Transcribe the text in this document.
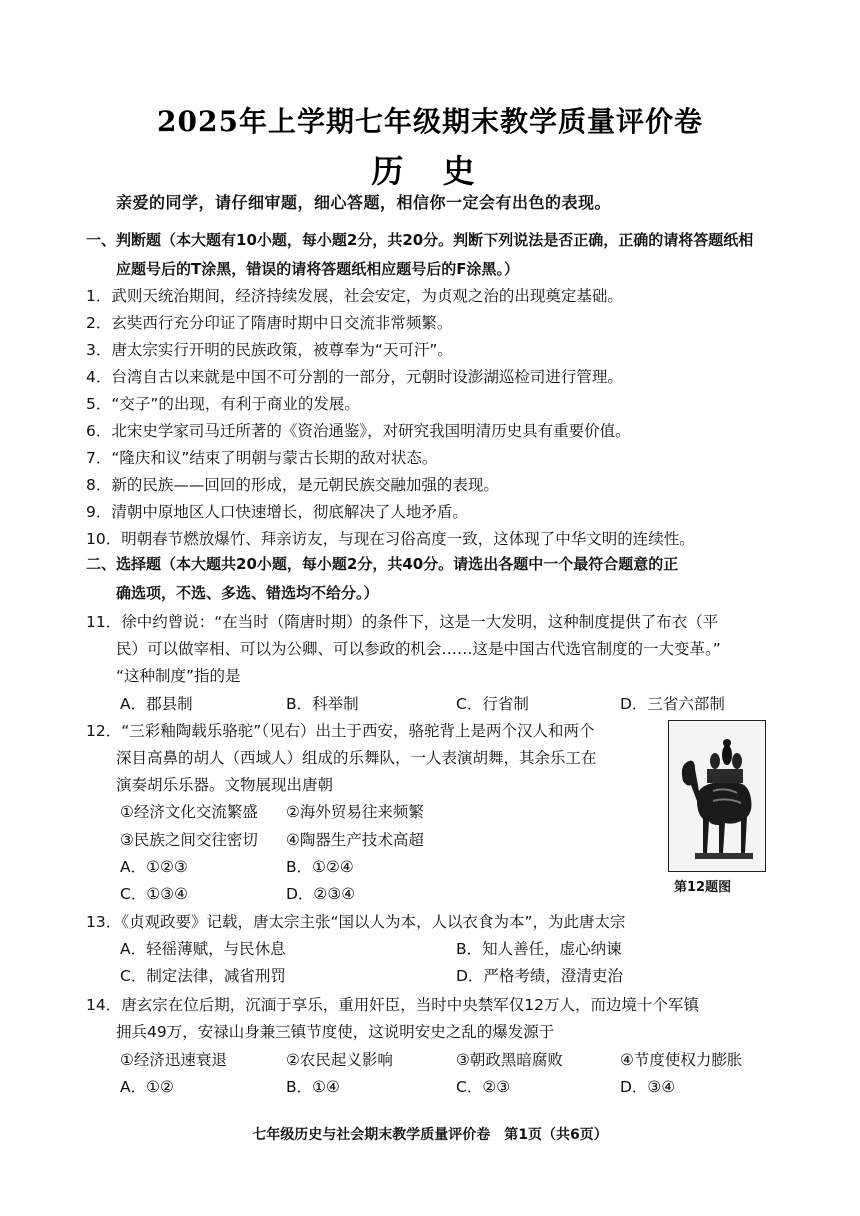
2025年上学期七年级期末教学质量评价卷
历 史
亲爱的同学，请仔细审题，细心答题，相信你一定会有出色的表现。
一、判断题（本大题有10小题，每小题2分，共20分。判断下列说法是否正确，正确的请将答题纸相
应题号后的T涂黑，错误的请将答题纸相应题号后的F涂黑。）
1．武则天统治期间，经济持续发展，社会安定，为贞观之治的出现奠定基础。
2．玄奘西行充分印证了隋唐时期中日交流非常频繁。
3．唐太宗实行开明的民族政策，被尊奉为“天可汗”。
4．台湾自古以来就是中国不可分割的一部分，元朝时设澎湖巡检司进行管理。
5．“交子”的出现，有利于商业的发展。
6．北宋史学家司马迁所著的《资治通鉴》，对研究我国明清历史具有重要价值。
7．“隆庆和议”结束了明朝与蒙古长期的敌对状态。
8．新的民族——回回的形成，是元朝民族交融加强的表现。
9．清朝中原地区人口快速增长，彻底解决了人地矛盾。
10．明朝春节燃放爆竹、拜亲访友，与现在习俗高度一致，这体现了中华文明的连续性。
二、选择题（本大题共20小题，每小题2分，共40分。请选出各题中一个最符合题意的正
确选项，不选、多选、错选均不给分。）
11．徐中约曾说：“在当时（隋唐时期）的条件下，这是一大发明，这种制度提供了布衣（平
民）可以做宰相、可以为公卿、可以参政的机会……这是中国古代选官制度的一大变革。”
“这种制度”指的是
A．郡县制	B．科举制	C．行省制	D．三省六部制
12．“三彩釉陶载乐骆驼”（见右）出土于西安，骆驼背上是两个汉人和两个
深目高鼻的胡人（西域人）组成的乐舞队，一人表演胡舞，其余乐工在
演奏胡乐乐器。文物展现出唐朝
①经济文化交流繁盛 ②海外贸易往来频繁
③民族之间交往密切 ④陶器生产技术高超
A．①②③	B．①②④
C．①③④	D．②③④	第12题图
13．《贞观政要》记载，唐太宗主张“国以人为本，人以衣食为本”，为此唐太宗
A．轻徭薄赋，与民休息	B．知人善任，虚心纳谏
C．制定法律，减省刑罚	D．严格考绩，澄清吏治
14．唐玄宗在位后期，沉湎于享乐，重用奸臣，当时中央禁军仅12万人，而边境十个军镇
拥兵49万，安禄山身兼三镇节度使，这说明安史之乱的爆发源于
①经济迅速衰退	②农民起义影响	③朝政黑暗腐败	④节度使权力膨胀
A．①②	B．①④	C．②③	D．③④
七年级历史与社会期末教学质量评价卷　第1页（共6页）
